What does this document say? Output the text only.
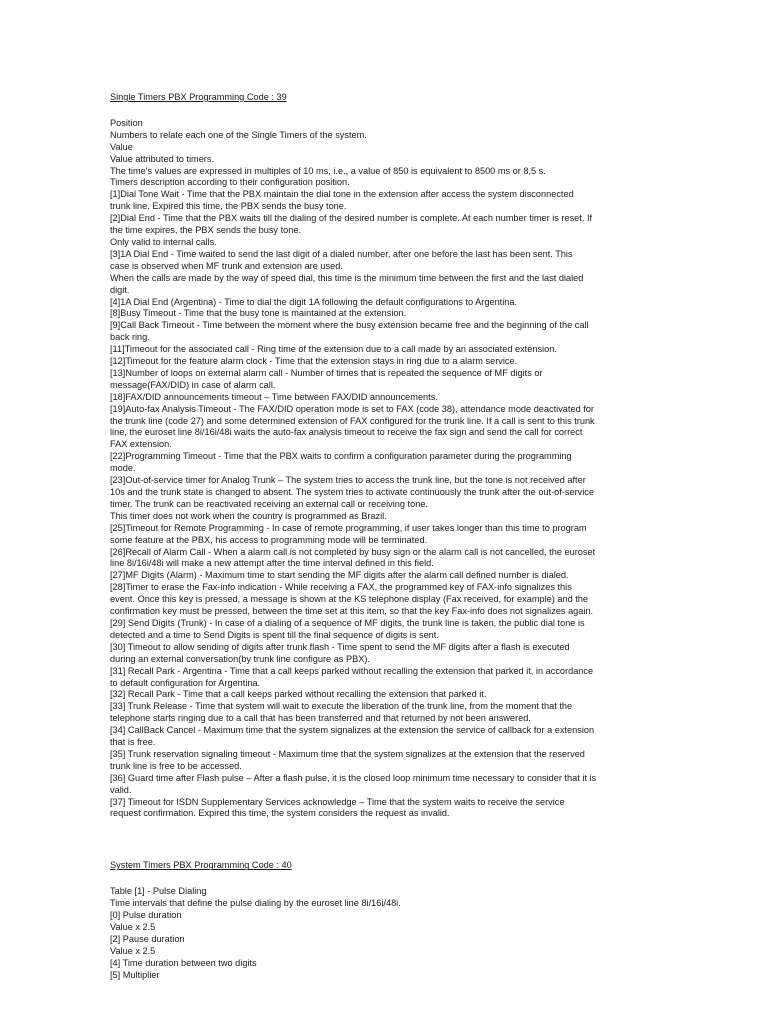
Single Timers PBX Programming Code : 39
Position
Numbers to relate each one of the Single Timers of the system.
Value
Value attributed to timers.
The time's values are expressed in multiples of 10 ms, i.e., a value of 850 is equivalent to 8500 ms or 8,5 s.
Timers description according to their configuration position.
[1]Dial Tone Wait - Time that the PBX maintain the dial tone in the extension after access the system disconnected
trunk line. Expired this time, the PBX sends the busy tone.
[2]Dial End - Time that the PBX waits till the dialing of the desired number is complete. At each number timer is reset. If
the time expires, the PBX sends the busy tone.
Only valid to internal calls.
[3]1A Dial End - Time waited to send the last digit of a dialed number, after one before the last has been sent. This
case is observed when MF trunk and extension are used.
When the calls are made by the way of speed dial, this time is the minimum time between the first and the last dialed
digit.
[4]1A Dial End (Argentina) - Time to dial the digit 1A following the default configurations to Argentina.
[8]Busy Timeout - Time that the busy tone is maintained at the extension.
[9]Call Back Timeout - Time between the moment where the busy extension became free and the beginning of the call
back ring.
[11]Timeout for the associated call - Ring time of the extension due to a call made by an associated extension.
[12]Timeout for the feature alarm clock - Time that the extension stays in ring due to a alarm service.
[13]Number of loops on external alarm call - Number of times that is repeated the sequence of MF digits or
message(FAX/DID) in case of alarm call.
[18]FAX/DID announcements timeout – Time between FAX/DID announcements.
[19]Auto-fax Analysis Timeout - The FAX/DID operation mode is set to FAX (code 38), attendance mode deactivated for
the trunk line (code 27) and some determined extension of FAX configured for the trunk line. If a call is sent to this trunk
line, the euroset line 8i/16i/48i waits the auto-fax analysis timeout to receive the fax sign and send the call for correct
FAX extension.
[22]Programming Timeout - Time that the PBX waits to confirm a configuration parameter during the programming
mode.
[23]Out-of-service timer for Analog Trunk – The system tries to access the trunk line, but the tone is not received after
10s and the trunk state is changed to absent. The system tries to activate continuously the trunk after the out-of-service
timer. The trunk can be reactivated receiving an external call or receiving tone.
This timer does not work when the country is programmed as Brazil.
[25]Timeout for Remote Programming - In case of remote programming, if user takes longer than this time to program
some feature at the PBX, his access to programming mode will be terminated.
[26]Recall of Alarm Call - When a alarm call is not completed by busy sign or the alarm call is not cancelled, the euroset
line 8i/16i/48i will make a new attempt after the time interval defined in this field.
[27]MF Digits (Alarm) - Maximum time to start sending the MF digits after the alarm call defined number is dialed.
[28]Timer to erase the Fax-info indication - While receiving a FAX, the programmed key of FAX-info signalizes this
event. Once this key is pressed, a message is shown at the KS telephone display (Fax received, for example) and the
confirmation key must be pressed, between the time set at this item, so that the key Fax-info does not signalizes again.
[29] Send Digits (Trunk) - In case of a dialing of a sequence of MF digits, the trunk line is taken, the public dial tone is
detected and a time to Send Digits is spent till the final sequence of digits is sent.
[30] Timeout to allow sending of digits after trunk flash - Time spent to send the MF digits after a flash is executed
during an external conversation(by trunk line configure as PBX).
[31] Recall Park - Argentina - Time that a call keeps parked without recalling the extension that parked it, in accordance
to default configuration for Argentina.
[32] Recall Park - Time that a call keeps parked without recalling the extension that parked it.
[33] Trunk Release - Time that system will wait to execute the liberation of the trunk line, from the moment that the
telephone starts ringing due to a call that has been transferred and that returned by not been answered.
[34] CallBack Cancel - Maximum time that the system signalizes at the extension the service of callback for a extension
that is free.
[35] Trunk reservation signaling timeout - Maximum time that the system signalizes at the extension that the reserved
trunk line is free to be accessed.
[36] Guard time after Flash pulse – After a flash pulse, it is the closed loop minimum time necessary to consider that it is
valid.
[37] Timeout for ISDN Supplementary Services acknowledge – Time that the system waits to receive the service
request confirmation. Expired this time, the system considers the request as invalid.
System Timers PBX Programming Code : 40
Table [1] - Pulse Dialing
Time intervals that define the pulse dialing by the euroset line 8i/16i/48i.
[0] Pulse duration
Value x 2.5
[2] Pause duration
Value x 2.5
[4] Time duration between two digits
[5] Multiplier
